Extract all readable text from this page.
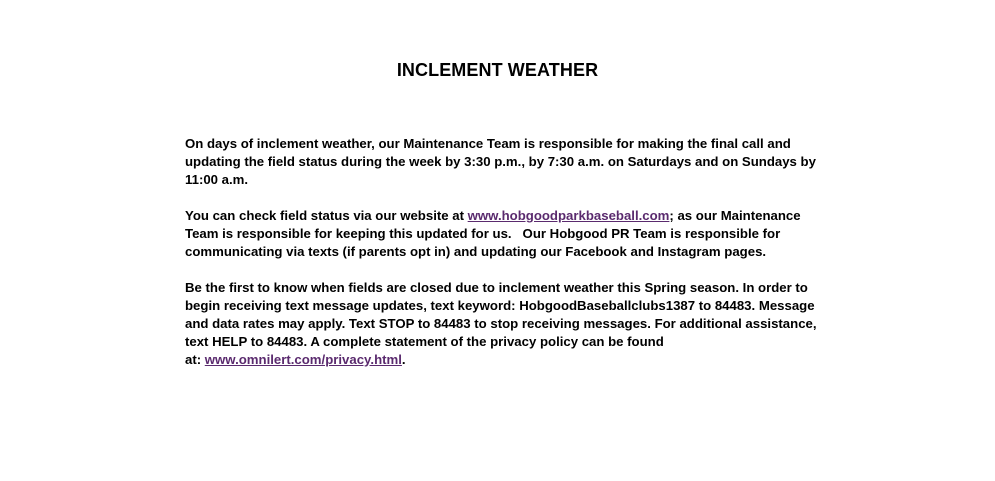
INCLEMENT WEATHER
On days of inclement weather, our Maintenance Team is responsible for making the final call and
updating the field status during the week by 3:30 p.m., by 7:30 a.m. on Saturdays and on Sundays by
11:00 a.m.
You can check field status via our website at www.hobgoodparkbaseball.com; as our Maintenance
Team is responsible for keeping this updated for us.   Our Hobgood PR Team is responsible for
communicating via texts (if parents opt in) and updating our Facebook and Instagram pages.
Be the first to know when fields are closed due to inclement weather this Spring season. In order to
begin receiving text message updates, text keyword: HobgoodBaseballclubs1387 to 84483. Message
and data rates may apply. Text STOP to 84483 to stop receiving messages. For additional assistance,
text HELP to 84483. A complete statement of the privacy policy can be found
at: www.omnilert.com/privacy.html.
